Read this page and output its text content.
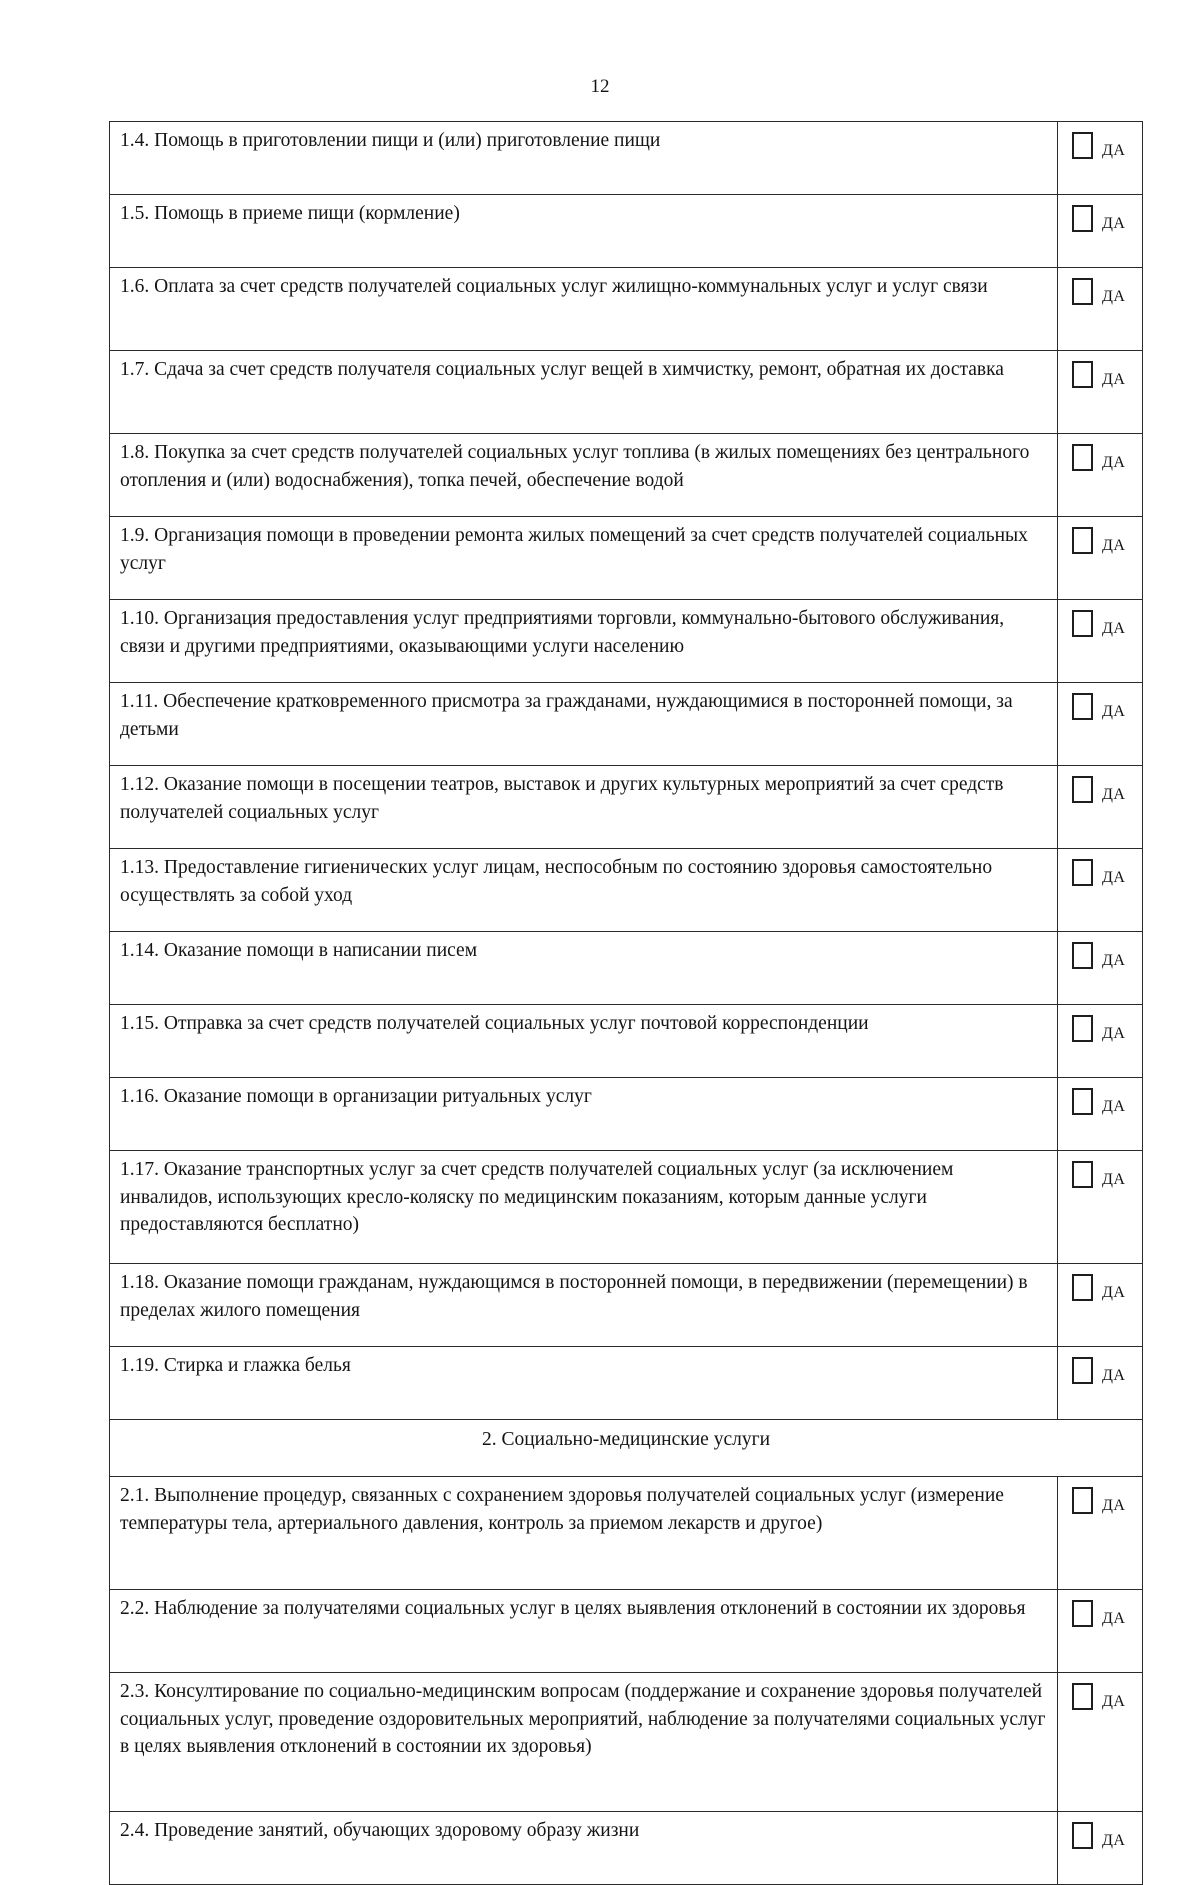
12
1.4. Помощь в приготовлении пищи и (или) приготовление пищи	ДА

1.5. Помощь в приеме пищи (кормление)	ДА

1.6. Оплата за счет средств получателей социальных услуг жилищно-коммунальных услуг и услуг связи	ДА

1.7. Сдача за счет средств получателя социальных услуг вещей в химчистку, ремонт, обратная их доставка	ДА

1.8. Покупка за счет средств получателей социальных услуг топлива (в жилых помещениях без центрального отопления и (или) водоснабжения), топка печей, обеспечение водой	ДА

1.9. Организация помощи в проведении ремонта жилых помещений за счет средств получателей социальных услуг	ДА

1.10. Организация предоставления услуг предприятиями торговли, коммунально-бытового обслуживания, связи и другими предприятиями, оказывающими услуги населению	ДА

1.11. Обеспечение кратковременного присмотра за гражданами, нуждающимися в посторонней помощи, за детьми	ДА

1.12. Оказание помощи в посещении театров, выставок и других культурных мероприятий за счет средств получателей социальных услуг	ДА

1.13. Предоставление гигиенических услуг лицам, неспособным по состоянию здоровья самостоятельно осуществлять за собой уход	ДА

1.14. Оказание помощи в написании писем	ДА

1.15. Отправка за счет средств получателей социальных услуг почтовой корреспонденции	ДА

1.16. Оказание помощи в организации ритуальных услуг	ДА

1.17. Оказание транспортных услуг за счет средств получателей социальных услуг (за исключением инвалидов, использующих кресло-коляску по медицинским показаниям, которым данные услуги предоставляются бесплатно)	ДА

1.18. Оказание помощи гражданам, нуждающимся в посторонней помощи, в передвижении (перемещении) в пределах жилого помещения	ДА

1.19. Стирка и глажка белья	ДА

2. Социально-медицинские услуги	
2.1. Выполнение процедур, связанных с сохранением здоровья получателей социальных услуг (измерение температуры тела, артериального давления, контроль за приемом лекарств и другое)	ДА

2.2. Наблюдение за получателями социальных услуг в целях выявления отклонений в состоянии их здоровья	ДА

2.3. Консултирование по социально-медицинским вопросам (поддержание и сохранение здоровья получателей социальных услуг, проведение оздоровительных мероприятий, наблюдение за получателями социальных услуг в целях выявления отклонений в состоянии их здоровья)	ДА

2.4. Проведение занятий, обучающих здоровому образу жизни	ДА
